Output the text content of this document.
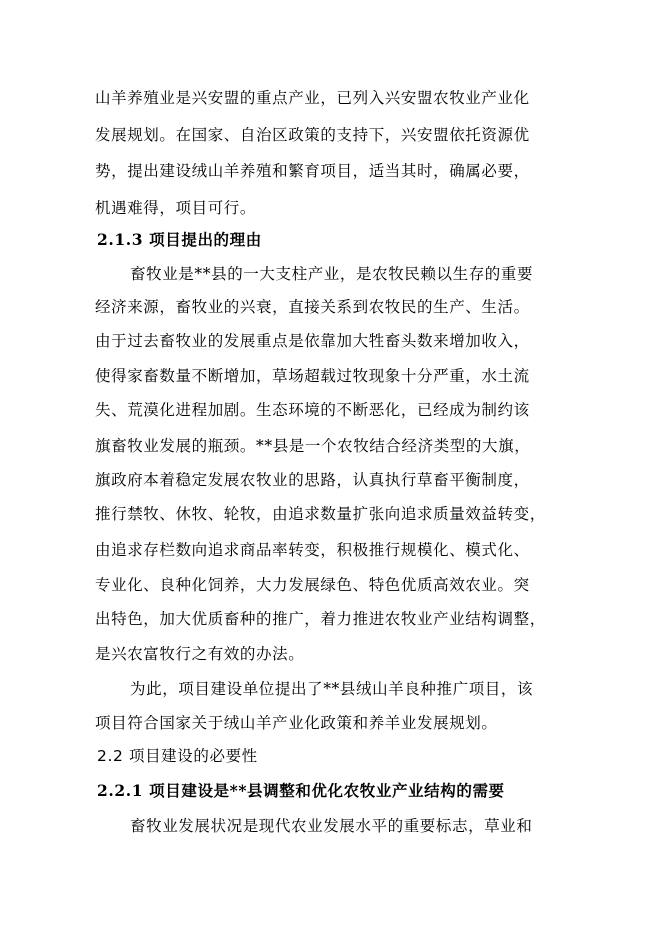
山羊养殖业是兴安盟的重点产业，已列入兴安盟农牧业产业化
发展规划。在国家、自治区政策的支持下，兴安盟依托资源优
势，提出建设绒山羊养殖和繁育项目，适当其时，确属必要，
机遇难得，项目可行。
2.1.3 项目提出的理由
畜牧业是**县的一大支柱产业，是农牧民赖以生存的重要
经济来源，畜牧业的兴衰，直接关系到农牧民的生产、生活。
由于过去畜牧业的发展重点是依靠加大牲畜头数来增加收入，
使得家畜数量不断增加，草场超载过牧现象十分严重，水土流
失、荒漠化进程加剧。生态环境的不断恶化，已经成为制约该
旗畜牧业发展的瓶颈。**县是一个农牧结合经济类型的大旗，
旗政府本着稳定发展农牧业的思路，认真执行草畜平衡制度，
推行禁牧、休牧、轮牧，由追求数量扩张向追求质量效益转变，
由追求存栏数向追求商品率转变，积极推行规模化、模式化、
专业化、良种化饲养，大力发展绿色、特色优质高效农业。突
出特色，加大优质畜种的推广，着力推进农牧业产业结构调整，
是兴农富牧行之有效的办法。
为此，项目建设单位提出了**县绒山羊良种推广项目，该
项目符合国家关于绒山羊产业化政策和养羊业发展规划。
2.2 项目建设的必要性
2.2.1 项目建设是**县调整和优化农牧业产业结构的需要
畜牧业发展状况是现代农业发展水平的重要标志，草业和
